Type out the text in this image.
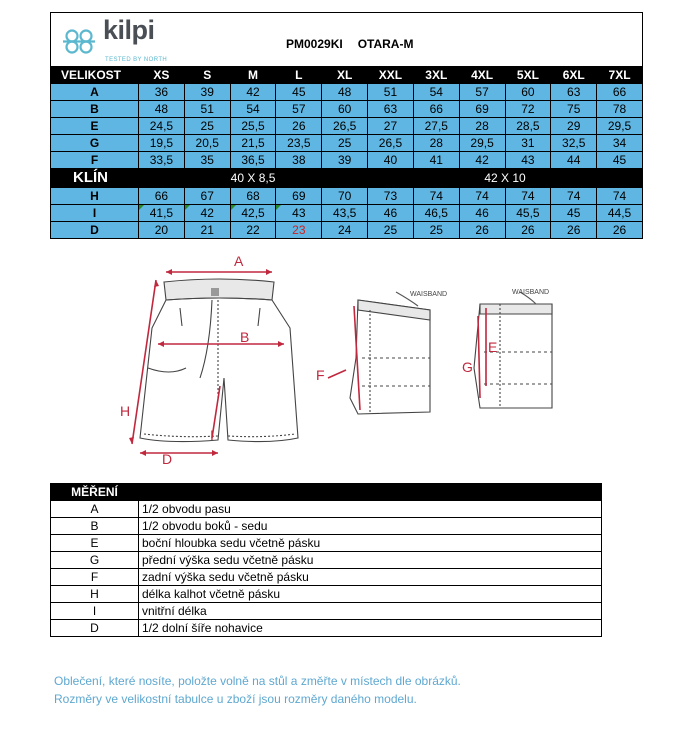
kilpi
TESTED BY NORTH
PM0029KI OTARA-M											

VELIKOST	XS	S	M	L	XL	XXL	3XL	4XL	5XL	6XL	7XL
A	36	39	42	45	48	51	54	57	60	63	66
B	48	51	54	57	60	63	66	69	72	75	78
E	24,5	25	25,5	26	26,5	27	27,5	28	28,5	29	29,5
G	19,5	20,5	21,5	23,5	25	26,5	28	29,5	31	32,5	34
F	33,5	35	36,5	38	39	40	41	42	43	44	45
KLÍN	40 X 8,5					42 X 10					
H	66	67	68	69	70	73	74	74	74	74	74
I	41,5	42	42,5	43	43,5	46	46,5	46	45,5	45	44,5
D	20	21	22	23	24	25	25	26	26	26	26
A
B
H
I
D
F
WAISBAND
E
G
WAISBAND
MĚŘENÍ	
A	1/2 obvodu pasu
B	1/2 obvodu boků - sedu
E	boční hloubka sedu včetně pásku
G	přední výška sedu včetně pásku
F	zadní výška sedu včetně pásku
H	délka kalhot včetně pásku
I	vnitřní délka
D	1/2 dolní šíře nohavice
Oblečení, které nosíte, položte volně na stůl a změřte v místech dle obrázků.
Rozměry ve velikostní tabulce u zboží jsou rozměry daného modelu.
